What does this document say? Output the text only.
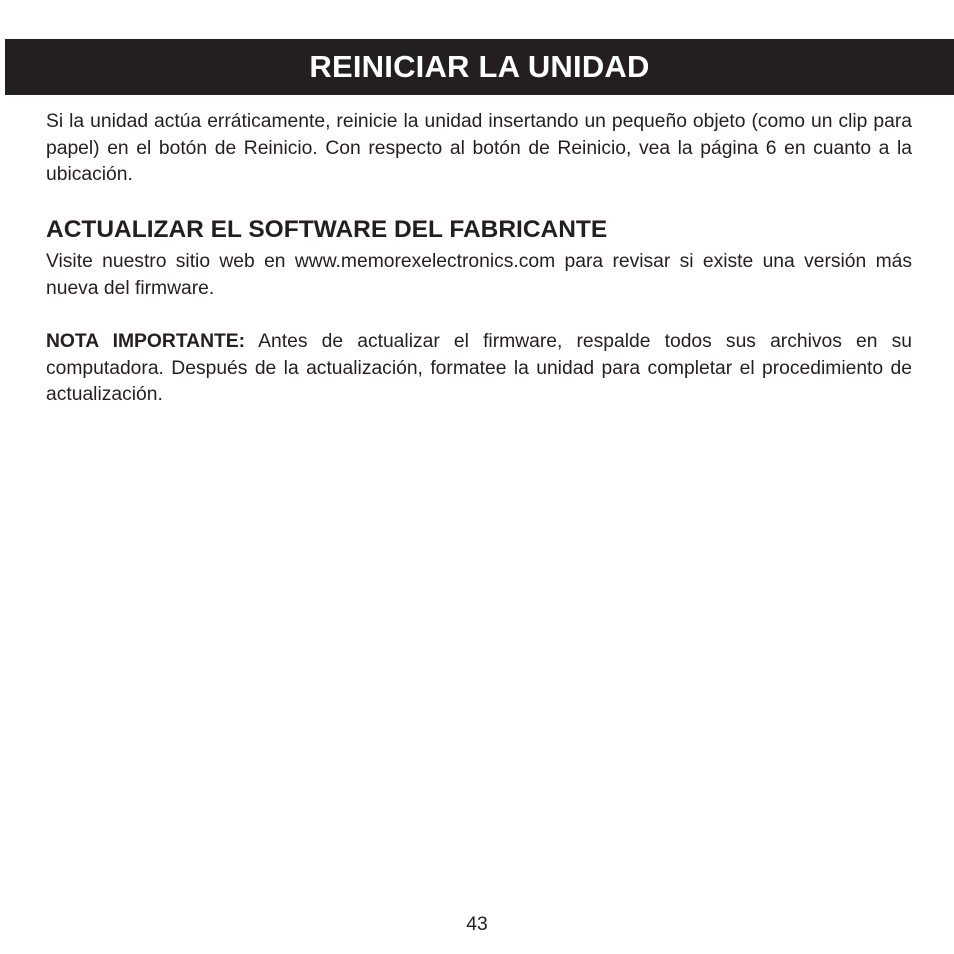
REINICIAR LA UNIDAD

Si la unidad actúa erráticamente, reinicie la unidad insertando un pequeño objeto (como un clip para papel) en el botón de Reinicio. Con respecto al botón de Reinicio, vea la página 6 en cuanto a la ubicación.

ACTUALIZAR EL SOFTWARE DEL FABRICANTE

Visite nuestro sitio web en www.memorexelectronics.com para revisar si existe una versión más nueva del firmware.

NOTA IMPORTANTE: Antes de actualizar el firmware, respalde todos sus archivos en su computadora. Después de la actualización, formatee la unidad para completar el procedimiento de actualización.

43
